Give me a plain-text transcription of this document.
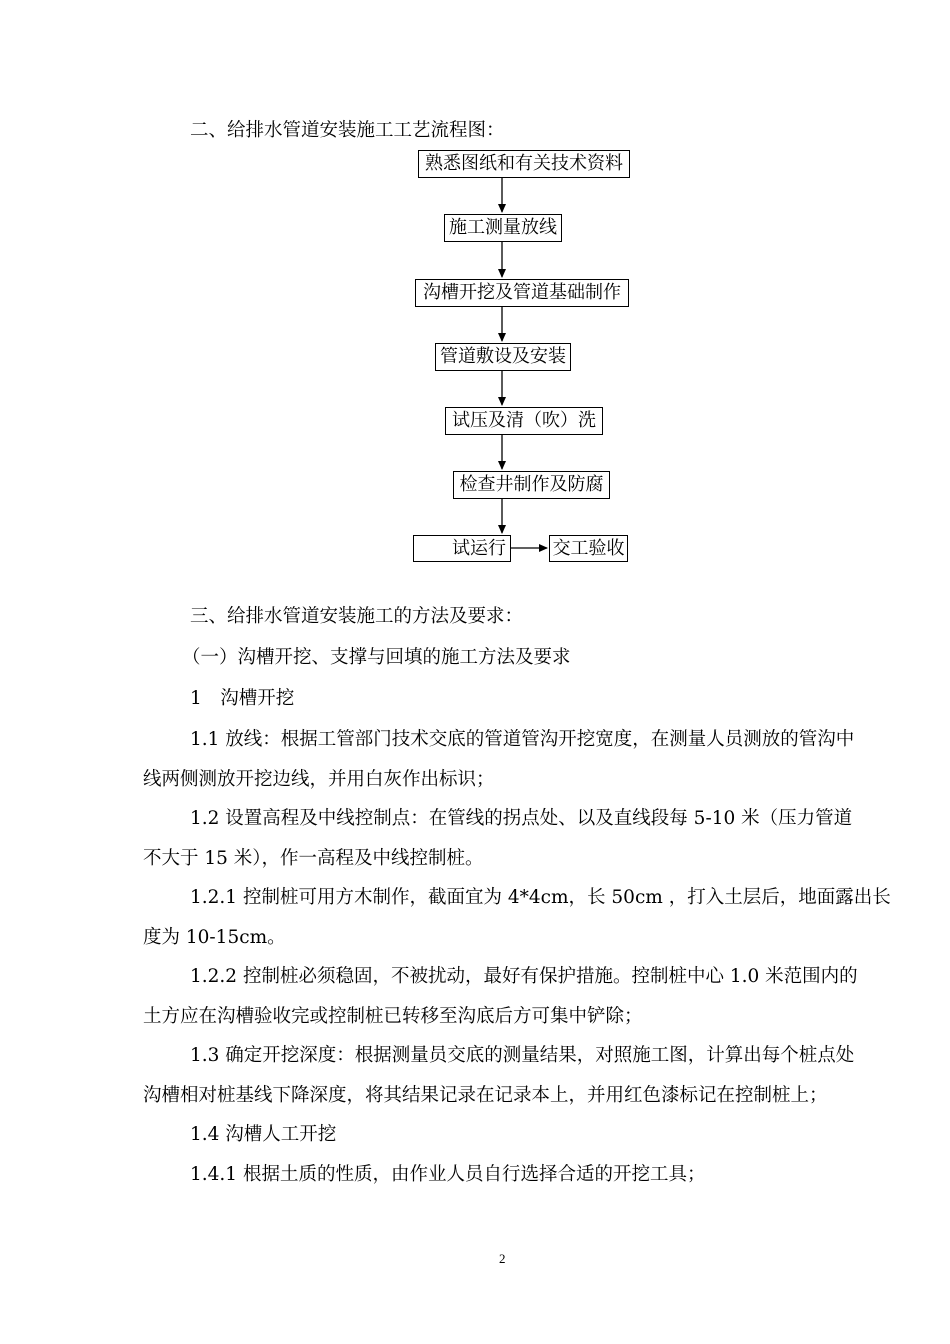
二、给排水管道安装施工工艺流程图：
熟悉图纸和有关技术资料
施工测量放线
沟槽开挖及管道基础制作
管道敷设及安装
试压及清（吹）洗
检查井制作及防腐
试运行	交工验收
三、给排水管道安装施工的方法及要求：
（一）沟槽开挖、支撑与回填的施工方法及要求
1　沟槽开挖
1.1 放线：根据工管部门技术交底的管道管沟开挖宽度，在测量人员测放的管沟中
线两侧测放开挖边线，并用白灰作出标识；
1.2 设置高程及中线控制点：在管线的拐点处、以及直线段每 5-10 米（压力管道
不大于 15 米），作一高程及中线控制桩。
1.2.1 控制桩可用方木制作，截面宜为 4*4cm，长 50cm ，打入土层后，地面露出长
度为 10-15cm。
1.2.2 控制桩必须稳固，不被扰动，最好有保护措施。控制桩中心 1.0 米范围内的
土方应在沟槽验收完或控制桩已转移至沟底后方可集中铲除；
1.3 确定开挖深度：根据测量员交底的测量结果，对照施工图，计算出每个桩点处
沟槽相对桩基线下降深度，将其结果记录在记录本上，并用红色漆标记在控制桩上；
1.4 沟槽人工开挖
1.4.1 根据土质的性质，由作业人员自行选择合适的开挖工具；
2
